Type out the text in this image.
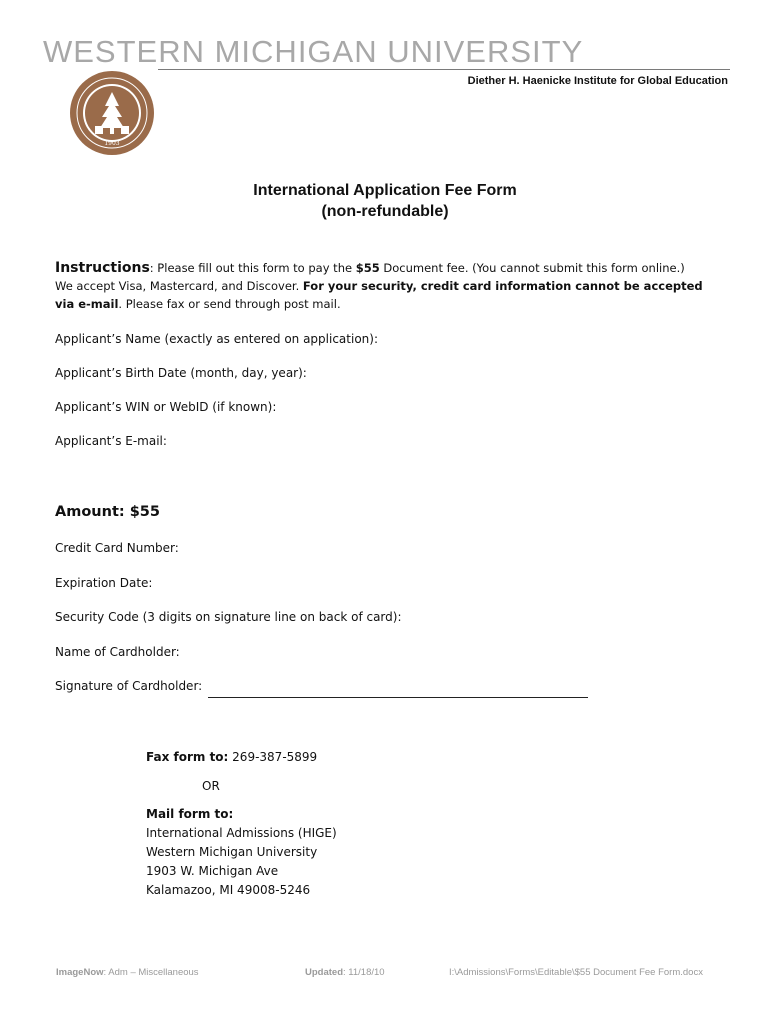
WESTERN MICHIGAN UNIVERSITY
Diether H. Haenicke Institute for Global Education
1903
International Application Fee Form
(non-refundable)
Instructions: Please fill out this form to pay the $55 Document fee. (You cannot submit this form online.) We accept Visa, Mastercard, and Discover. For your security, credit card information cannot be accepted via e-mail. Please fax or send through post mail.
Applicant’s Name (exactly as entered on application):
Applicant’s Birth Date (month, day, year):
Applicant’s WIN or WebID (if known):
Applicant’s E-mail:
Amount: $55
Credit Card Number:
Expiration Date:
Security Code (3 digits on signature line on back of card):
Name of Cardholder:
Signature of Cardholder:
Fax form to: 269-387-5899
OR
Mail form to:
International Admissions (HIGE)
Western Michigan University
1903 W. Michigan Ave
Kalamazoo, MI 49008-5246
ImageNow: Adm – Miscellaneous	Updated: 11/18/10	I:\Admissions\Forms\Editable\$55 Document Fee Form.docx
